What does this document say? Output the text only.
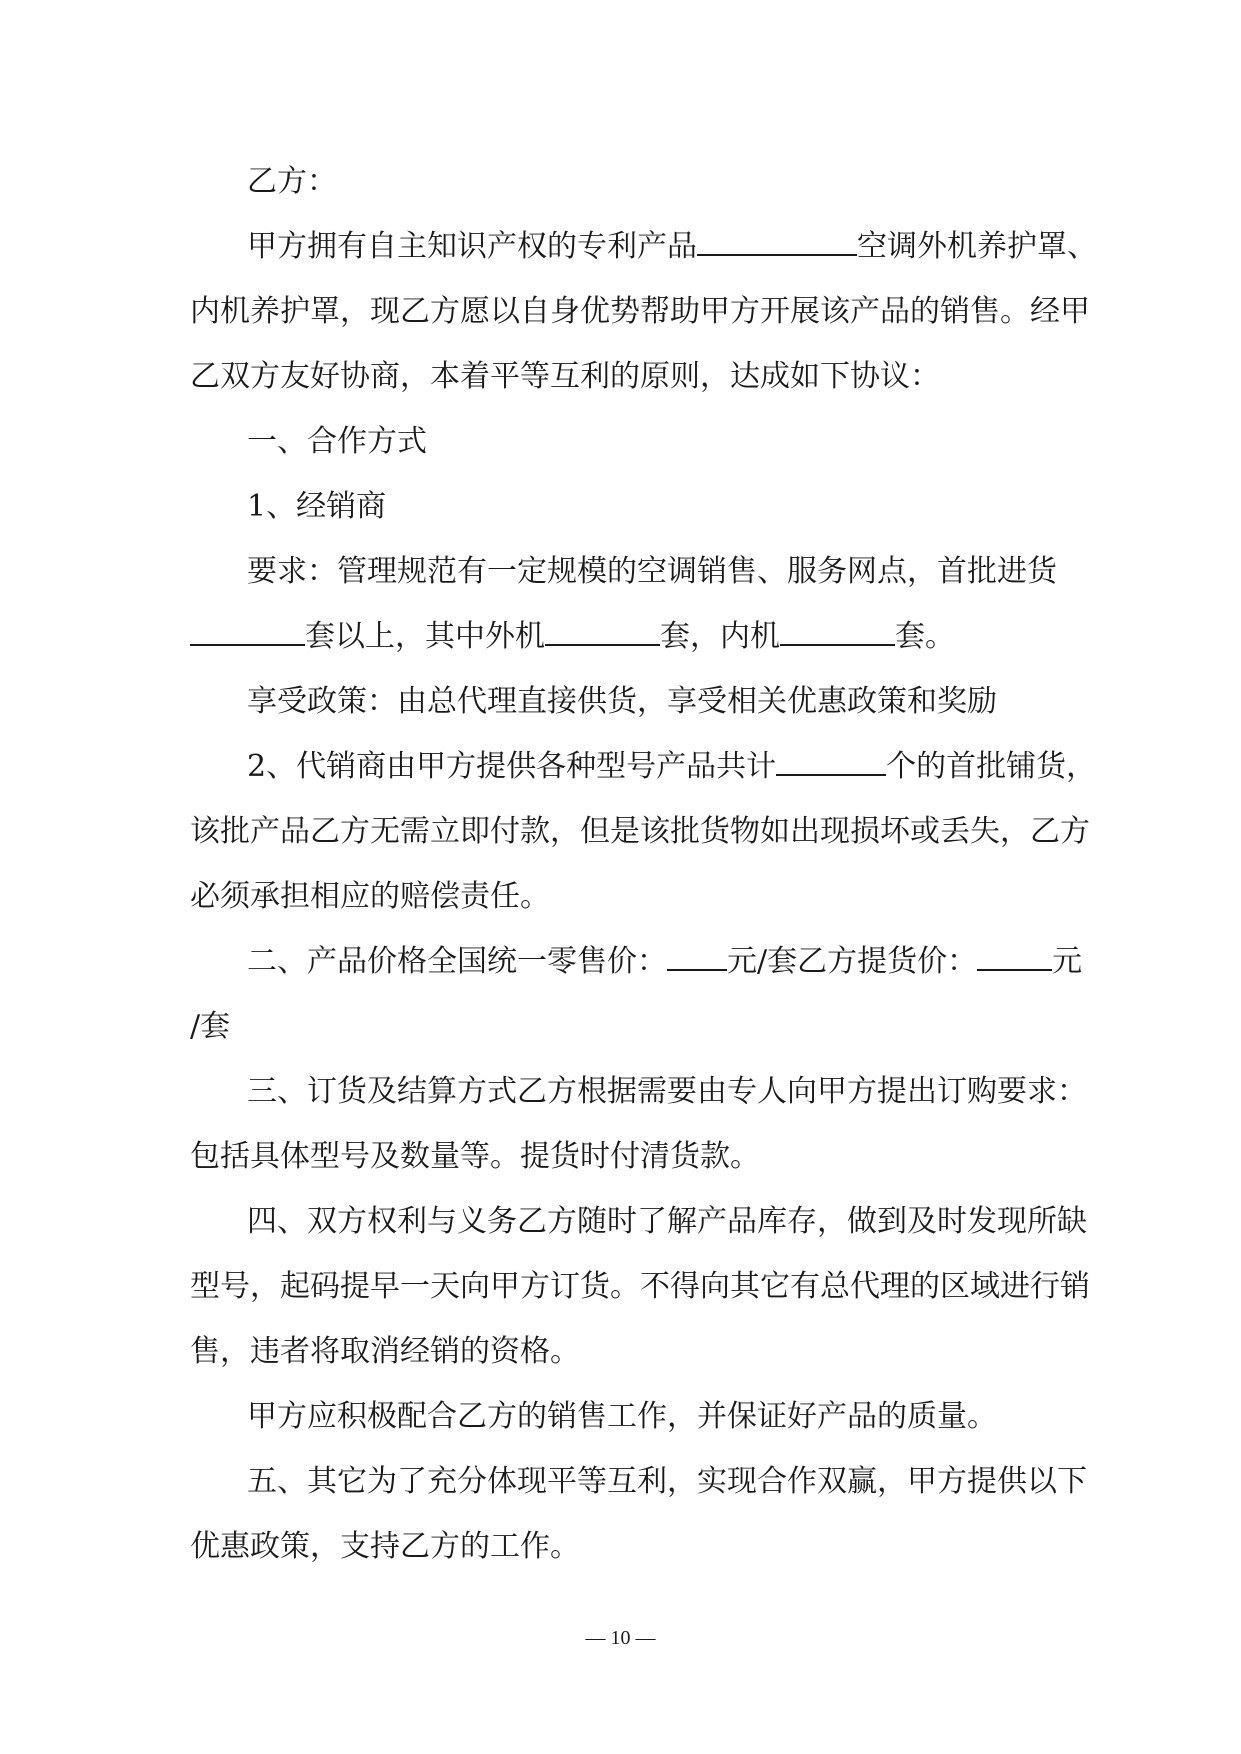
乙方：
甲方拥有自主知识产权的专利产品	空调外机养护罩、
内机养护罩，现乙方愿以自身优势帮助甲方开展该产品的销售。经甲
乙双方友好协商，本着平等互利的原则，达成如下协议：
一、合作方式
1、经销商
要求：管理规范有一定规模的空调销售、服务网点，首批进货
套以上，其中外机	套，内机	套。
享受政策：由总代理直接供货，享受相关优惠政策和奖励
2、代销商由甲方提供各种型号产品共计	个的首批铺货，
该批产品乙方无需立即付款，但是该批货物如出现损坏或丢失，乙方
必须承担相应的赔偿责任。
二、产品价格全国统一零售价： 元/套乙方提货价：	元
/套
三、订货及结算方式乙方根据需要由专人向甲方提出订购要求：
包括具体型号及数量等。提货时付清货款。
四、双方权利与义务乙方随时了解产品库存，做到及时发现所缺
型号，起码提早一天向甲方订货。不得向其它有总代理的区域进行销
售，违者将取消经销的资格。
甲方应积极配合乙方的销售工作，并保证好产品的质量。
五、其它为了充分体现平等互利，实现合作双赢，甲方提供以下
优惠政策，支持乙方的工作。
— 10 —
